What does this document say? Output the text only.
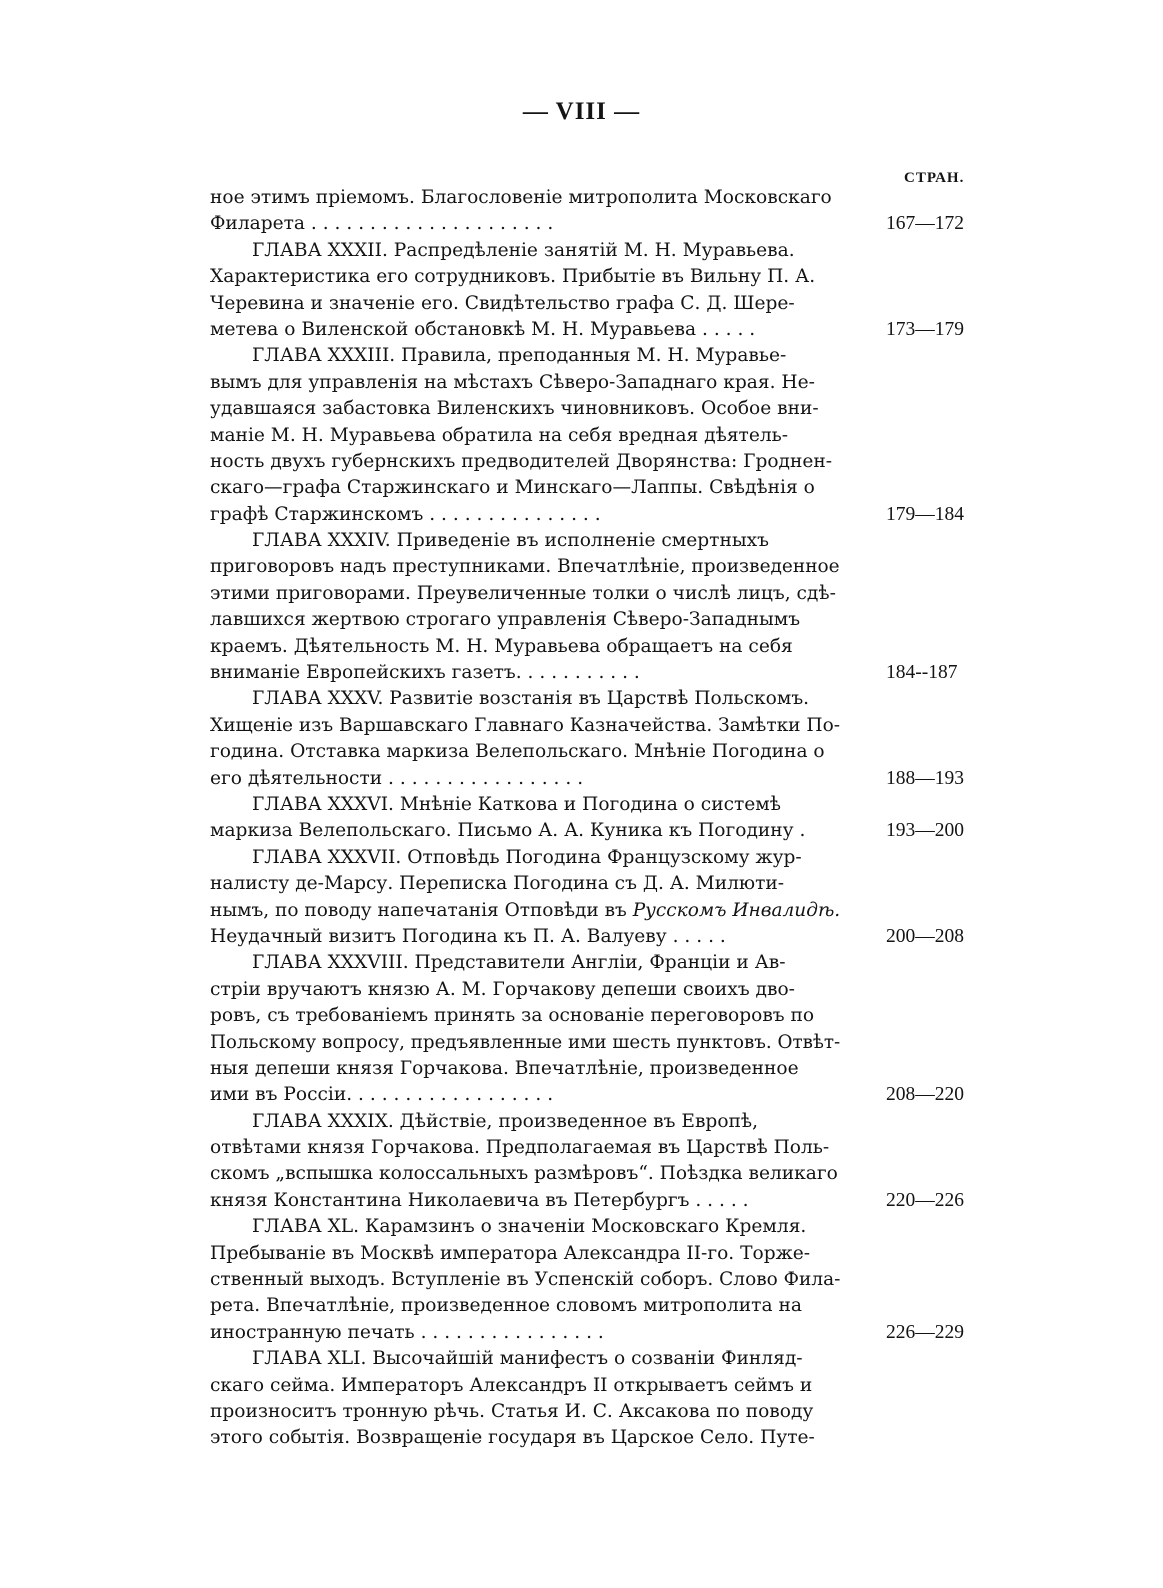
— VIII —
СТРАН.
ное этимъ пріемомъ. Благословеніе митрополита Московскаго
Филарета . . . . . . . . . . . . . . . . . . . . .	167—172
ГЛАВА XXXII. Распредѣленіе занятій М. Н. Муравьева.
Характеристика его сотрудниковъ. Прибытіе въ Вильну П. А.
Черевина и значеніе его. Свидѣтельство графа С. Д. Шере-
метева о Виленской обстановкѣ М. Н. Муравьева . . . . .	173—179
ГЛАВА XXXIII. Правила, преподанныя М. Н. Муравье-
вымъ для управленія на мѣстахъ Сѣверо-Западнаго края. Не-
удавшаяся забастовка Виленскихъ чиновниковъ. Особое вни-
маніе М. Н. Муравьева обратила на себя вредная дѣятель-
ность двухъ губернскихъ предводителей Дворянства: Гроднен-
скаго—графа Старжинскаго и Минскаго—Лаппы. Свѣдѣнія о
графѣ Старжинскомъ . . . . . . . . . . . . . . .	179—184
ГЛАВА XXXIV. Приведеніе въ исполненіе смертныхъ
приговоровъ надъ преступниками. Впечатлѣніе, произведенное
этими приговорами. Преувеличенные толки о числѣ лицъ, сдѣ-
лавшихся жертвою строгаго управленія Сѣверо-Западнымъ
краемъ. Дѣятельность М. Н. Муравьева обращаетъ на себя
вниманіе Европейскихъ газетъ. . . . . . . . . . .	184--187
ГЛАВА XXXV. Развитіе возстанія въ Царствѣ Польскомъ.
Хищеніе изъ Варшавскаго Главнаго Казначейства. Замѣтки По-
година. Отставка маркиза Велепольскаго. Мнѣніе Погодина о
его дѣятельности . . . . . . . . . . . . . . . . .	188—193
ГЛАВА XXXVI. Мнѣніе Каткова и Погодина о системѣ
маркиза Велепольскаго. Письмо А. А. Куника къ Погодину .	193—200
ГЛАВА XXXVII. Отповѣдь Погодина Французскому жур-
налисту де-Марсу. Переписка Погодина съ Д. А. Милюти-
нымъ, по поводу напечатанія Отповѣди въ Русскомъ Инвалидѣ.
Неудачный визитъ Погодина къ П. А. Валуеву . . . . .	200—208
ГЛАВА XXXVIII. Представители Англіи, Франціи и Ав-
стріи вручаютъ князю А. М. Горчакову депеши своихъ дво-
ровъ, съ требованіемъ принять за основаніе переговоровъ по
Польскому вопросу, предъявленные ими шесть пунктовъ. Отвѣт-
ныя депеши князя Горчакова. Впечатлѣніе, произведенное
ими въ Россіи. . . . . . . . . . . . . . . . . .	208—220
ГЛАВА XXXIX. Дѣйствіе, произведенное въ Европѣ,
отвѣтами князя Горчакова. Предполагаемая въ Царствѣ Поль-
скомъ „вспышка колоссальныхъ размѣровъ“. Поѣздка великаго
князя Константина Николаевича въ Петербургъ . . . . .	220—226
ГЛАВА XL. Карамзинъ о значеніи Московскаго Кремля.
Пребываніе въ Москвѣ императора Александра II-го. Торже-
ственный выходъ. Вступленіе въ Успенскій соборъ. Слово Фила-
рета. Впечатлѣніе, произведенное словомъ митрополита на
иностранную печать . . . . . . . . . . . . . . . .	226—229
ГЛАВА XLI. Высочайшій манифестъ о созваніи Финляд-
скаго сейма. Императоръ Александръ II открываетъ сеймъ и
произноситъ тронную рѣчь. Статья И. С. Аксакова по поводу
этого событія. Возвращеніе государя въ Царское Село. Путе-
